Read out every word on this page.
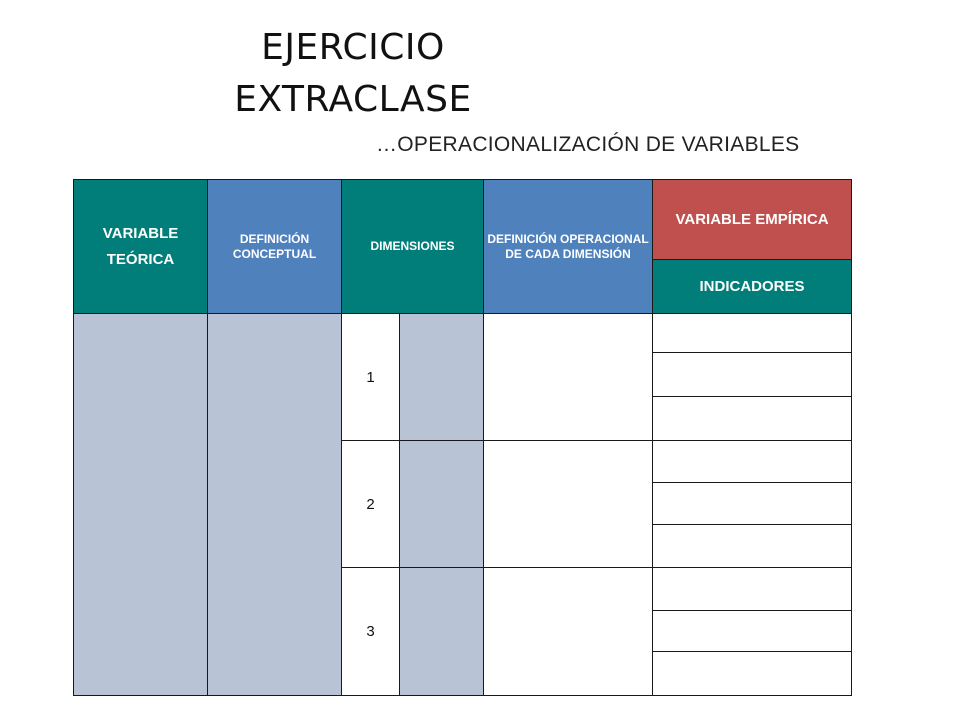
EJERCICIO
EXTRACLASE
…OPERACIONALIZACIÓN DE VARIABLES
VARIABLE TEÓRICA	DEFINICIÓN CONCEPTUAL	DIMENSIONES		DEFINICIÓN OPERACIONAL DE CADA DIMENSIÓN	VARIABLE EMPÍRICA
					INDICADORES
		1			

		2			

		3			
